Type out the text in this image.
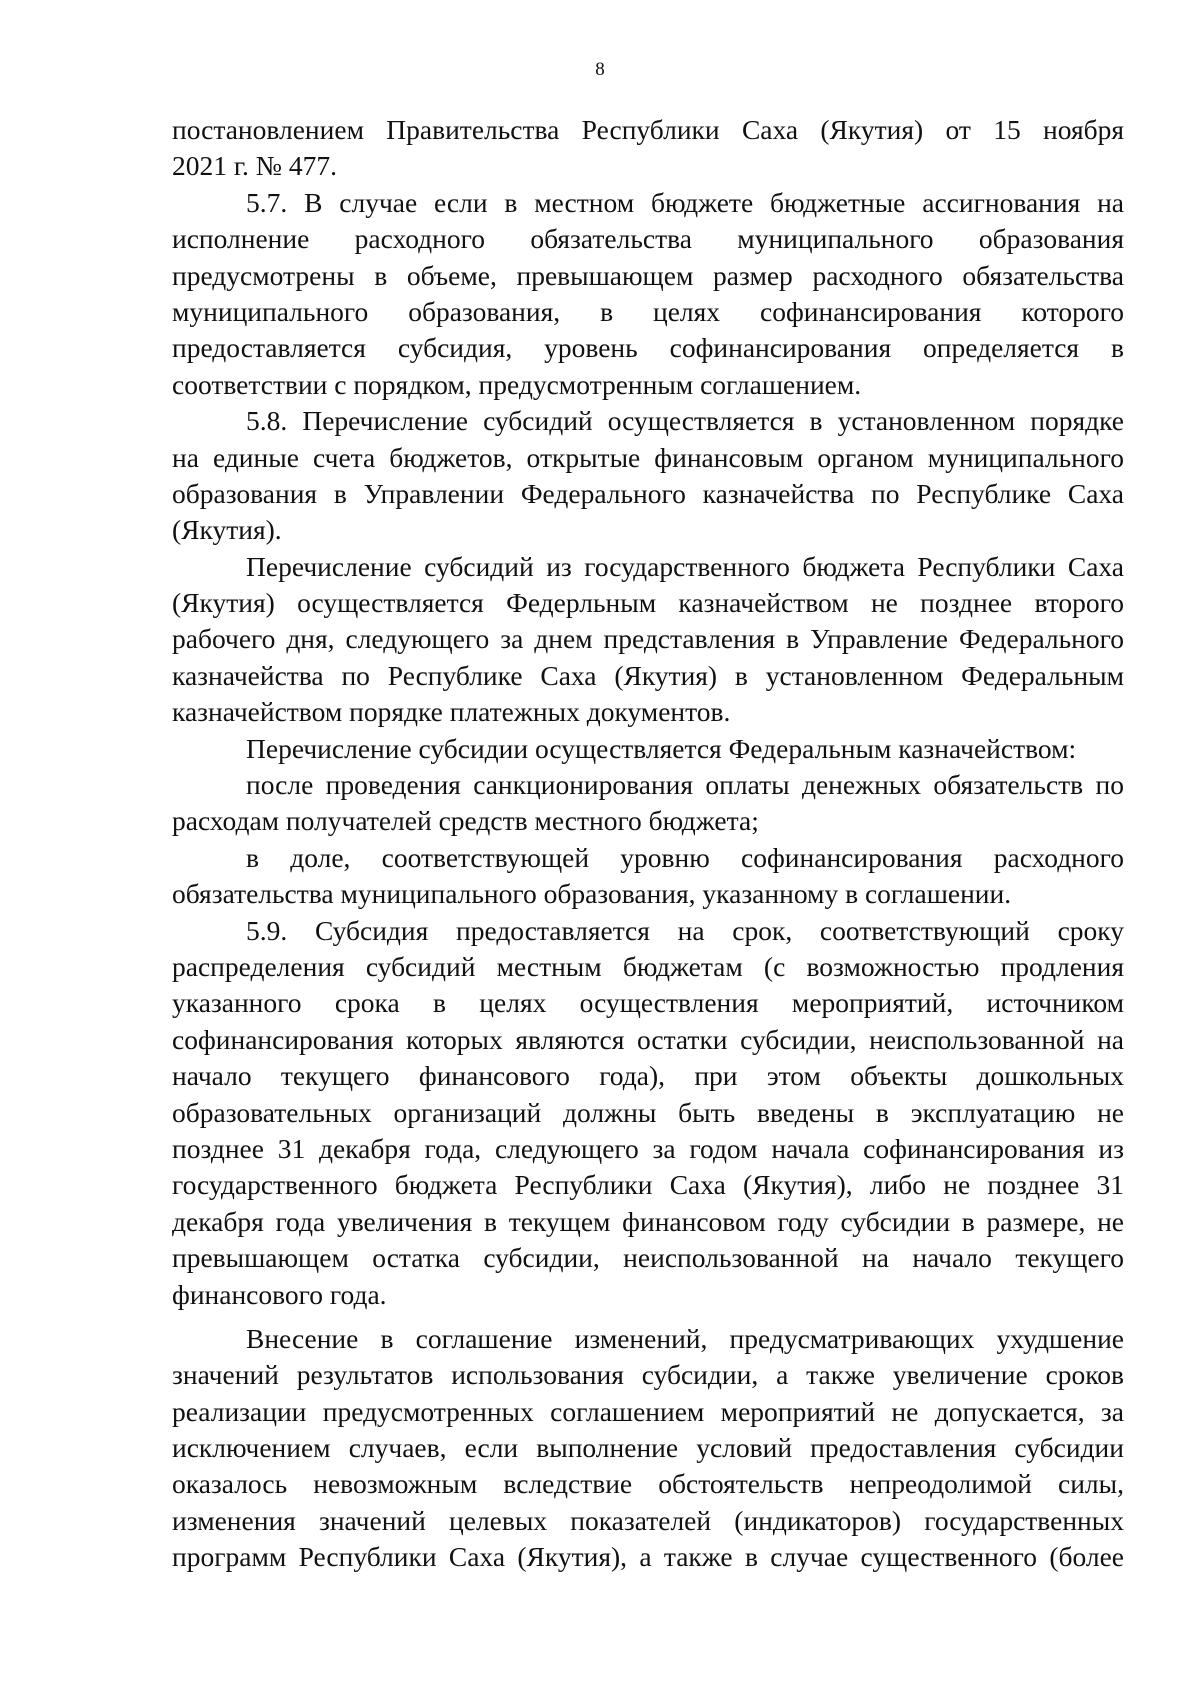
8
постановлением Правительства Республики Саха (Якутия) от 15 ноября
2021 г. № 477.
5.7. В случае если в местном бюджете бюджетные ассигнования на
исполнение расходного обязательства муниципального образования
предусмотрены в объеме, превышающем размер расходного обязательства
муниципального образования, в целях софинансирования которого
предоставляется субсидия, уровень софинансирования определяется в
соответствии с порядком, предусмотренным соглашением.
5.8. Перечисление субсидий осуществляется в установленном порядке
на единые счета бюджетов, открытые финансовым органом муниципального
образования в Управлении Федерального казначейства по Республике Саха
(Якутия).
Перечисление субсидий из государственного бюджета Республики Саха
(Якутия) осуществляется Федерльным казначейством не позднее второго
рабочего дня, следующего за днем представления в Управление Федерального
казначейства по Республике Саха (Якутия) в установленном Федеральным
казначейством порядке платежных документов.
Перечисление субсидии осуществляется Федеральным казначейством:
после проведения санкционирования оплаты денежных обязательств по
расходам получателей средств местного бюджета;
в доле, соответствующей уровню софинансирования расходного
обязательства муниципального образования, указанному в соглашении.
5.9. Субсидия предоставляется на срок, соответствующий сроку
распределения субсидий местным бюджетам (с возможностью продления
указанного срока в целях осуществления мероприятий, источником
софинансирования которых являются остатки субсидии, неиспользованной на
начало текущего финансового года), при этом объекты дошкольных
образовательных организаций должны быть введены в эксплуатацию не
позднее 31 декабря года, следующего за годом начала софинансирования из
государственного бюджета Республики Саха (Якутия), либо не позднее 31
декабря года увеличения в текущем финансовом году субсидии в размере, не
превышающем остатка субсидии, неиспользованной на начало текущего
финансового года.
Внесение в соглашение изменений, предусматривающих ухудшение
значений результатов использования субсидии, а также увеличение сроков
реализации предусмотренных соглашением мероприятий не допускается, за
исключением случаев, если выполнение условий предоставления субсидии
оказалось невозможным вследствие обстоятельств непреодолимой силы,
изменения значений целевых показателей (индикаторов) государственных
программ Республики Саха (Якутия), а также в случае существенного (более
